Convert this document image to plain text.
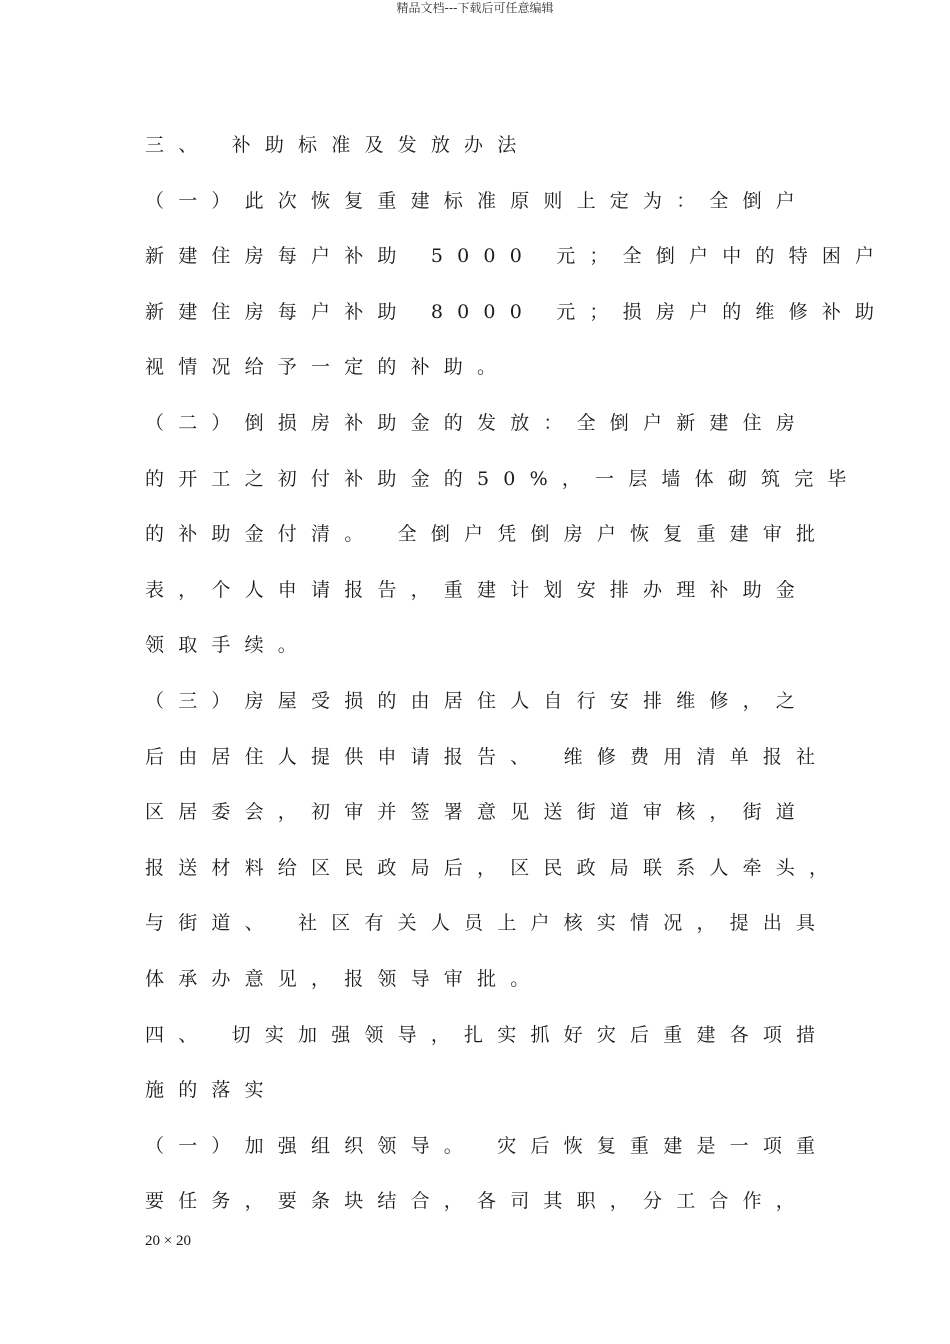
精品文档---下载后可任意编辑
三、 补助标准及发放办法
（一）此次恢复重建标准原则上定为：全倒户
新建住房每户补助 5000 元；全倒户中的特困户
新建住房每户补助 8000 元；损房户的维修补助
视情况给予一定的补助。
（二）倒损房补助金的发放：全倒户新建住房
的开工之初付补助金的50%，一层墙体砌筑完毕
的补助金付清。 全倒户凭倒房户恢复重建审批
表，个人申请报告，重建计划安排办理补助金
领取手续。
（三）房屋受损的由居住人自行安排维修，之
后由居住人提供申请报告、 维修费用清单报社
区居委会，初审并签署意见送街道审核，街道
报送材料给区民政局后，区民政局联系人牵头，
与街道、 社区有关人员上户核实情况，提出具
体承办意见，报领导审批。
四、 切实加强领导，扎实抓好灾后重建各项措
施的落实
（一）加强组织领导。 灾后恢复重建是一项重
要任务，要条块结合，各司其职，分工合作，
20 × 20
